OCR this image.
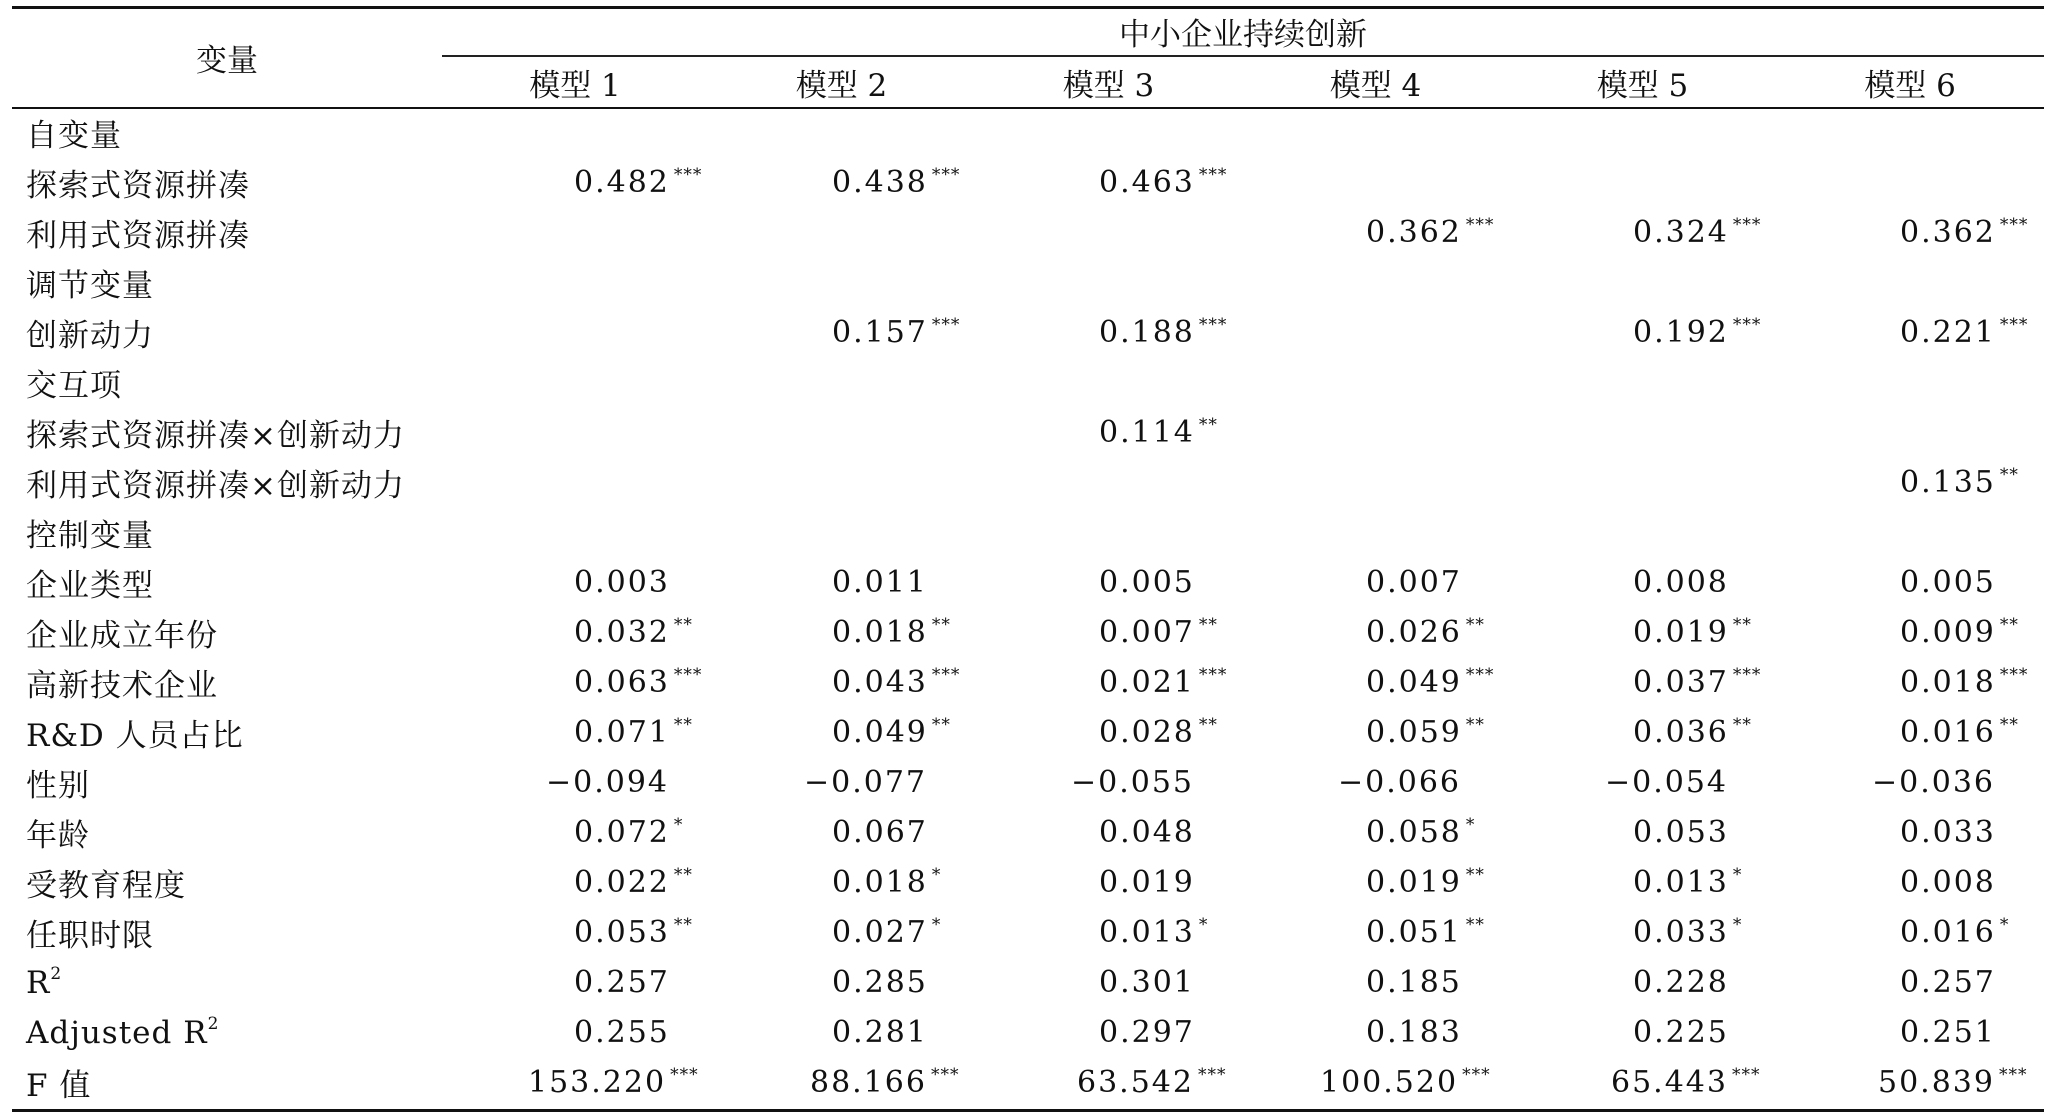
变量	中小企业持续创新					
	模型 1	模型 2	模型 3	模型 4	模型 5	模型 6
自变量						
探索式资源拼凑	0.482 ***	0.438 ***	0.463 ***			
利用式资源拼凑				0.362 ***	0.324 ***	0.362 ***
调节变量						
创新动力		0.157 ***	0.188 ***		0.192 ***	0.221 ***
交互项						
探索式资源拼凑×创新动力			0.114 **			
利用式资源拼凑×创新动力						0.135 **
控制变量						
企业类型	0.003	0.011	0.005	0.007	0.008	0.005
企业成立年份	0.032 **	0.018 **	0.007 **	0.026 **	0.019 **	0.009 **
高新技术企业	0.063 ***	0.043 ***	0.021 ***	0.049 ***	0.037 ***	0.018 ***
R&D 人员占比	0.071 **	0.049 **	0.028 **	0.059 **	0.036 **	0.016 **
性别	−0.094	−0.077	−0.055	−0.066	−0.054	−0.036
年龄	0.072 *	0.067	0.048	0.058 *	0.053	0.033
受教育程度	0.022 **	0.018 *	0.019	0.019 **	0.013 *	0.008
任职时限	0.053 **	0.027 *	0.013 *	0.051 **	0.033 *	0.016 *
$R^2$	0.257	0.285	0.301	0.185	0.228	0.257
Adjusted $R^2$	0.255	0.281	0.297	0.183	0.225	0.251
F 值	153.220 ***	88.166 ***	63.542 ***	100.520 ***	65.443 ***	50.839 ***
